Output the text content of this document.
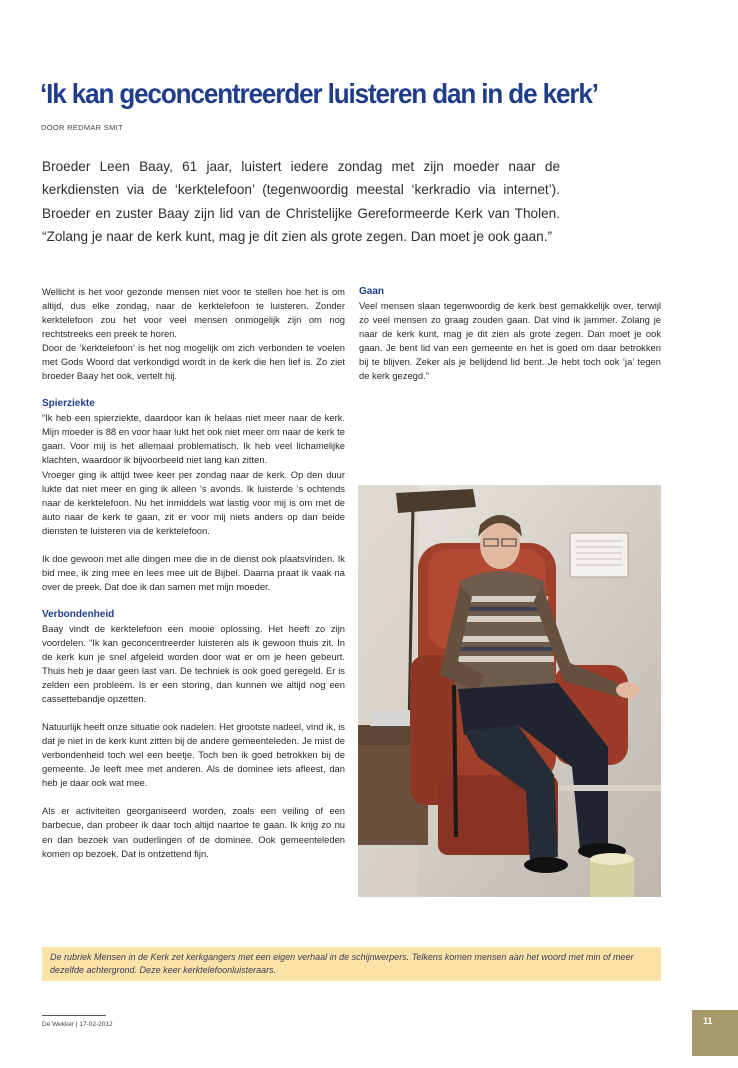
‘Ik kan geconcentreerder luisteren dan in de kerk’
DOOR REDMAR SMIT

Broeder Leen Baay, 61 jaar, luistert iedere zondag met zijn moeder naar de kerkdiensten via de ‘kerktelefoon’ (tegenwoordig meestal ‘kerkradio via internet’). Broeder en zuster Baay zijn lid van de Christelijke Gereformeerde Kerk van Tholen. “Zolang je naar de kerk kunt, mag je dit zien als grote zegen. Dan moet je ook gaan.”

Wellicht is het voor gezonde mensen niet voor te stellen hoe het is om altijd, dus elke zondag, naar de kerktelefoon te luisteren. Zonder kerktelefoon zou het voor veel mensen onmogelijk zijn om nog rechtstreeks een preek te horen.

Door de ‘kerktelefoon’ is het nog mogelijk om zich verbonden te voelen met Gods Woord dat verkondigd wordt in de kerk die hen lief is. Zo ziet broeder Baay het ook, vertelt hij.

Spierziekte

“Ik heb een spierziekte, daardoor kan ik helaas niet meer naar de kerk. Mijn moeder is 88 en voor haar lukt het ook niet meer om naar de kerk te gaan. Voor mij is het allemaal problematisch. Ik heb veel lichamelijke klachten, waardoor ik bijvoorbeeld niet lang kan zitten.

Vroeger ging ik altijd twee keer per zondag naar de kerk. Op den duur lukte dat niet meer en ging ik alleen ‘s avonds. Ik luisterde ‘s ochtends naar de kerktelefoon. Nu het inmiddels wat lastig voor mij is om met de auto naar de kerk te gaan, zit er voor mij niets anders op dan beide diensten te luisteren via de kerktelefoon.

Ik doe gewoon met alle dingen mee die in de dienst ook plaatsvinden. Ik bid mee, ik zing mee en lees mee uit de Bijbel. Daarna praat ik vaak na over de preek. Dat doe ik dan samen met mijn moeder.

Verbondenheid

Baay vindt de kerktelefoon een mooie oplossing. Het heeft zo zijn voordelen. “Ik kan geconcentreerder luisteren als ik gewoon thuis zit. In de kerk kun je snel afgeleid worden door wat er om je heen gebeurt. Thuis heb je daar geen last van. De techniek is ook goed geregeld. Er is zelden een probleem. Is er een storing, dan kunnen we altijd nog een cassettebandje opzetten.

Natuurlijk heeft onze situatie ook nadelen. Het grootste nadeel, vind ik, is dat je niet in de kerk kunt zitten bij de andere gemeenteleden. Je mist de verbondenheid toch wel een beetje. Toch ben ik goed betrokken bij de gemeente. Je leeft mee met anderen. Als de dominee iets afleest, dan heb je daar ook wat mee.

Als er activiteiten georganiseerd worden, zoals een veiling of een barbecue, dan probeer ik daar toch altijd naartoe te gaan. Ik krijg zo nu en dan bezoek van ouderlingen of de dominee. Ook gemeenteleden komen op bezoek. Dat is ontzettend fijn.

Gaan

Veel mensen slaan tegenwoordig de kerk best gemakkelijk over, terwijl zo veel mensen zo graag zouden gaan. Dat vind ik jammer. Zolang je naar de kerk kunt, mag je dit zien als grote zegen. Dan moet je ook gaan. Je bent lid van een gemeente en het is goed om daar betrokken bij te blijven. Zeker als je belijdend lid bent. Je hebt toch ook ‘ja’ tegen de kerk gezegd.”

De rubriek Mensen in de Kerk zet kerkgangers met een eigen verhaal in de schijnwerpers. Telkens komen mensen aan het woord met min of meer dezelfde achtergrond. Deze keer kerktelefoonluisteraars.
De Wekker | 17-02-2012	11
